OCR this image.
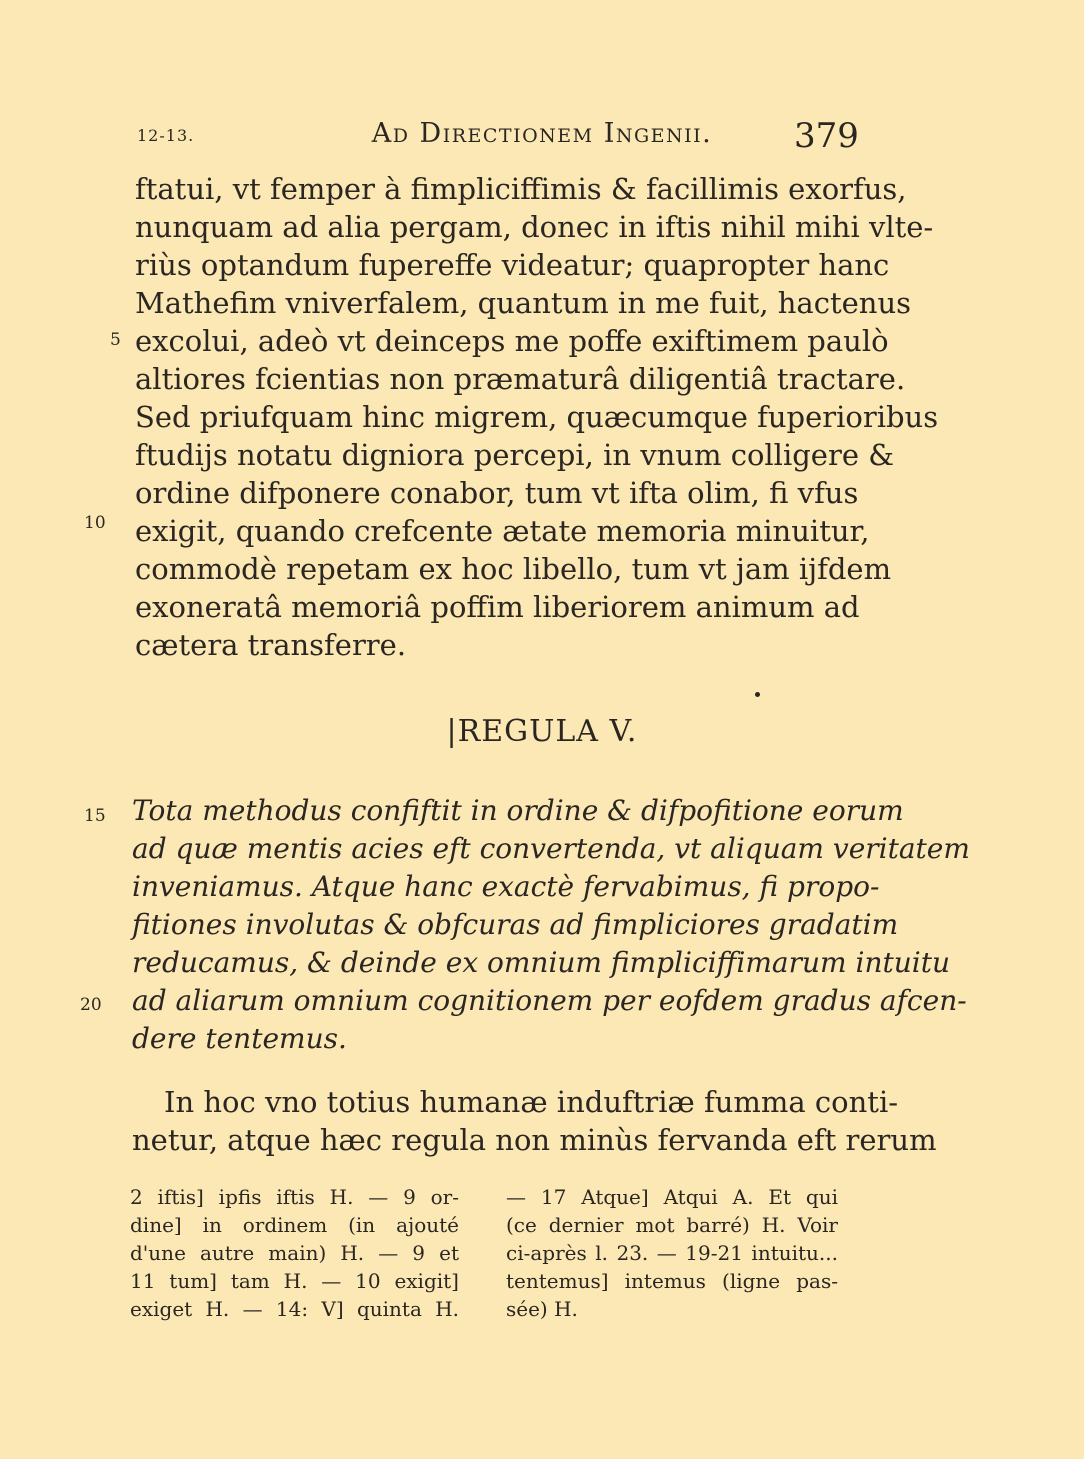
12-13.	Ad Directionem Ingenii.	379
ftatui, vt femper à fimpliciffimis & facillimis exorfus,
nunquam ad alia pergam, donec in iftis nihil mihi vlte-
riùs optandum fupereffe videatur; quapropter hanc
Mathefim vniverfalem, quantum in me fuit, hactenus
excolui, adeò vt deinceps me poffe exiftimem paulò
altiores fcientias non præmaturâ diligentiâ tractare.
Sed priufquam hinc migrem, quæcumque fuperioribus
ftudijs notatu digniora percepi, in vnum colligere &
ordine difponere conabor, tum vt ifta olim, fi vfus
exigit, quando crefcente ætate memoria minuitur,
commodè repetam ex hoc libello, tum vt jam ijfdem
exoneratâ memoriâ poffim liberiorem animum ad
cætera transferre.
5
10
15
20
|REGULA V.
Tota methodus confiftit in ordine & difpofitione eorum
ad quæ mentis acies eft convertenda, vt aliquam veritatem
inveniamus. Atque hanc exactè fervabimus, fi propo-
fitiones involutas & obfcuras ad fimpliciores gradatim
reducamus, & deinde ex omnium fimpliciffimarum intuitu
ad aliarum omnium cognitionem per eofdem gradus afcen-
dere tentemus.
In hoc vno totius humanæ induftriæ fumma conti-
netur, atque hæc regula non minùs fervanda eft rerum
2 iftis] ipfis iftis H. — 9 or-
dine] in ordinem (in ajouté
d'une autre main) H. — 9 et
11 tum] tam H. — 10 exigit]
exiget H. — 14: V] quinta H.
— 17 Atque] Atqui A. Et qui
(ce dernier mot barré) H. Voir
ci-après l. 23. — 19-21 intuitu...
tentemus] intemus (ligne pas-
sée) H.
